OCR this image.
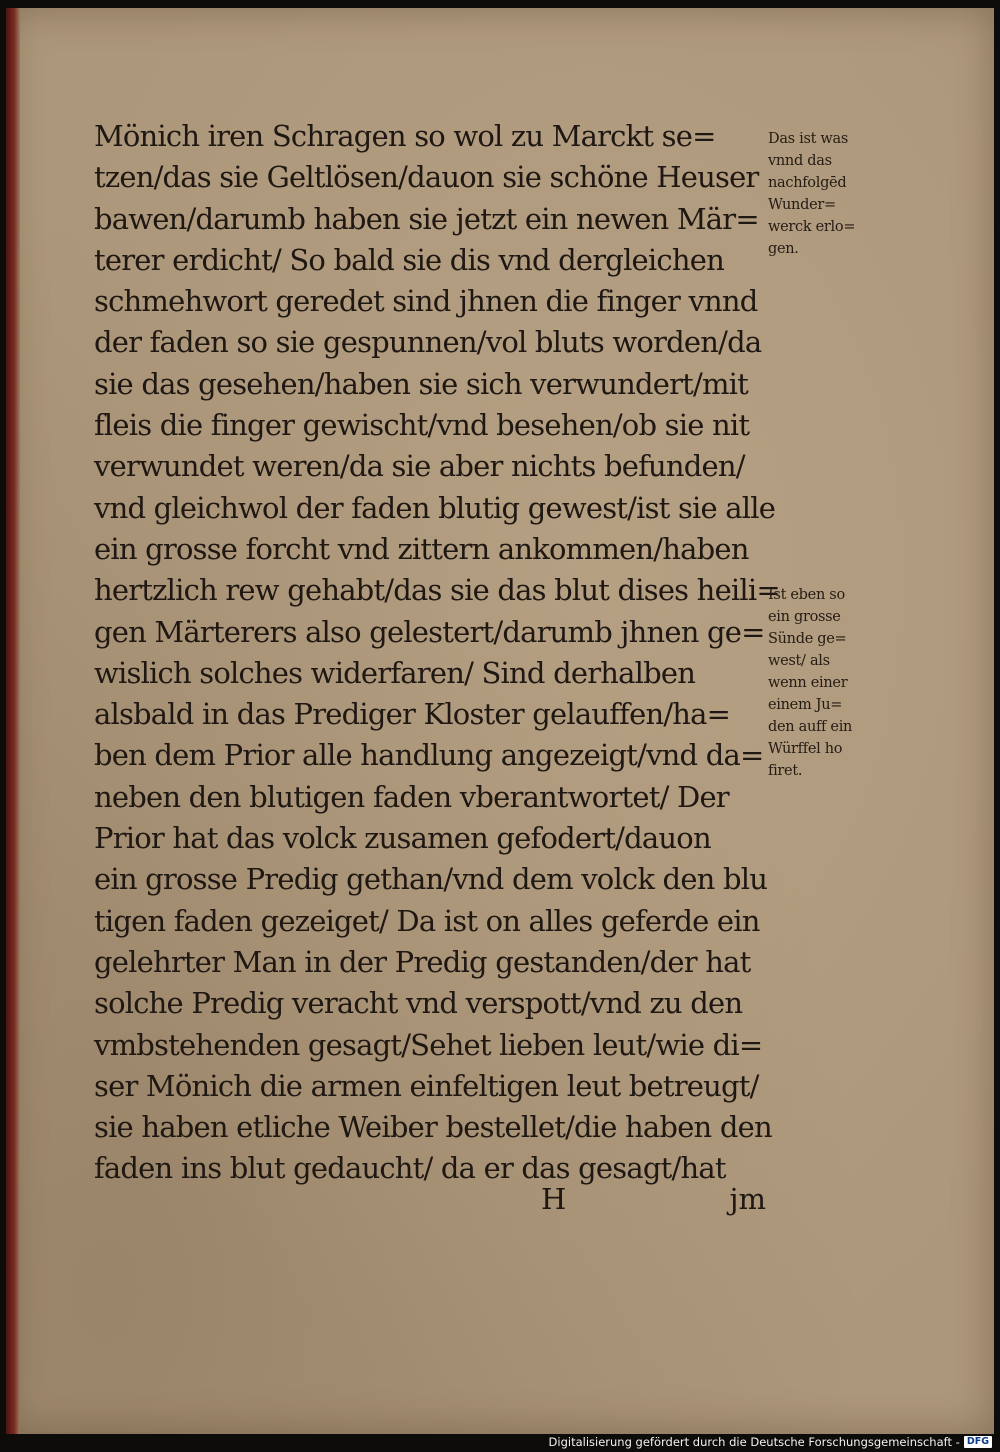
Mönich iren Schragen so wol zu Marckt se=
tzen/das sie Geltlösen/dauon sie schöne Heuser
bawen/darumb haben sie jetzt ein newen Mär=
terer erdicht/ So bald sie dis vnd dergleichen
schmehwort geredet sind jhnen die finger vnnd
der faden so sie gespunnen/vol bluts worden/da
sie das gesehen/haben sie sich verwundert/mit
fleis die finger gewischt/vnd besehen/ob sie nit
verwundet weren/da sie aber nichts befunden/
vnd gleichwol der faden blutig gewest/ist sie alle
ein grosse forcht vnd zittern ankommen/haben
hertzlich rew gehabt/das sie das blut dises heili=
gen Märterers also gelestert/darumb jhnen ge=
wislich solches widerfaren/ Sind derhalben
alsbald in das Prediger Kloster gelauffen/ha=
ben dem Prior alle handlung angezeigt/vnd da=
neben den blutigen faden vberantwortet/ Der
Prior hat das volck zusamen gefodert/dauon
ein grosse Predig gethan/vnd dem volck den blu
tigen faden gezeiget/ Da ist on alles geferde ein
gelehrter Man in der Predig gestanden/der hat
solche Predig veracht vnd verspott/vnd zu den
vmbstehenden gesagt/Sehet lieben leut/wie di=
ser Mönich die armen einfeltigen leut betreugt/
sie haben etliche Weiber bestellet/die haben den
faden ins blut gedaucht/ da er das gesagt/hat
Das ist was
vnnd das
nachfolgēd
Wunder=
werck erlo=
gen.
Ist eben so
ein grosse
Sünde ge=
west/ als
wenn einer
einem Ju=
den auff ein
Würffel ho
firet.
H	jm
Digitalisierung gefördert durch die Deutsche Forschungsgemeinschaft - DFG
